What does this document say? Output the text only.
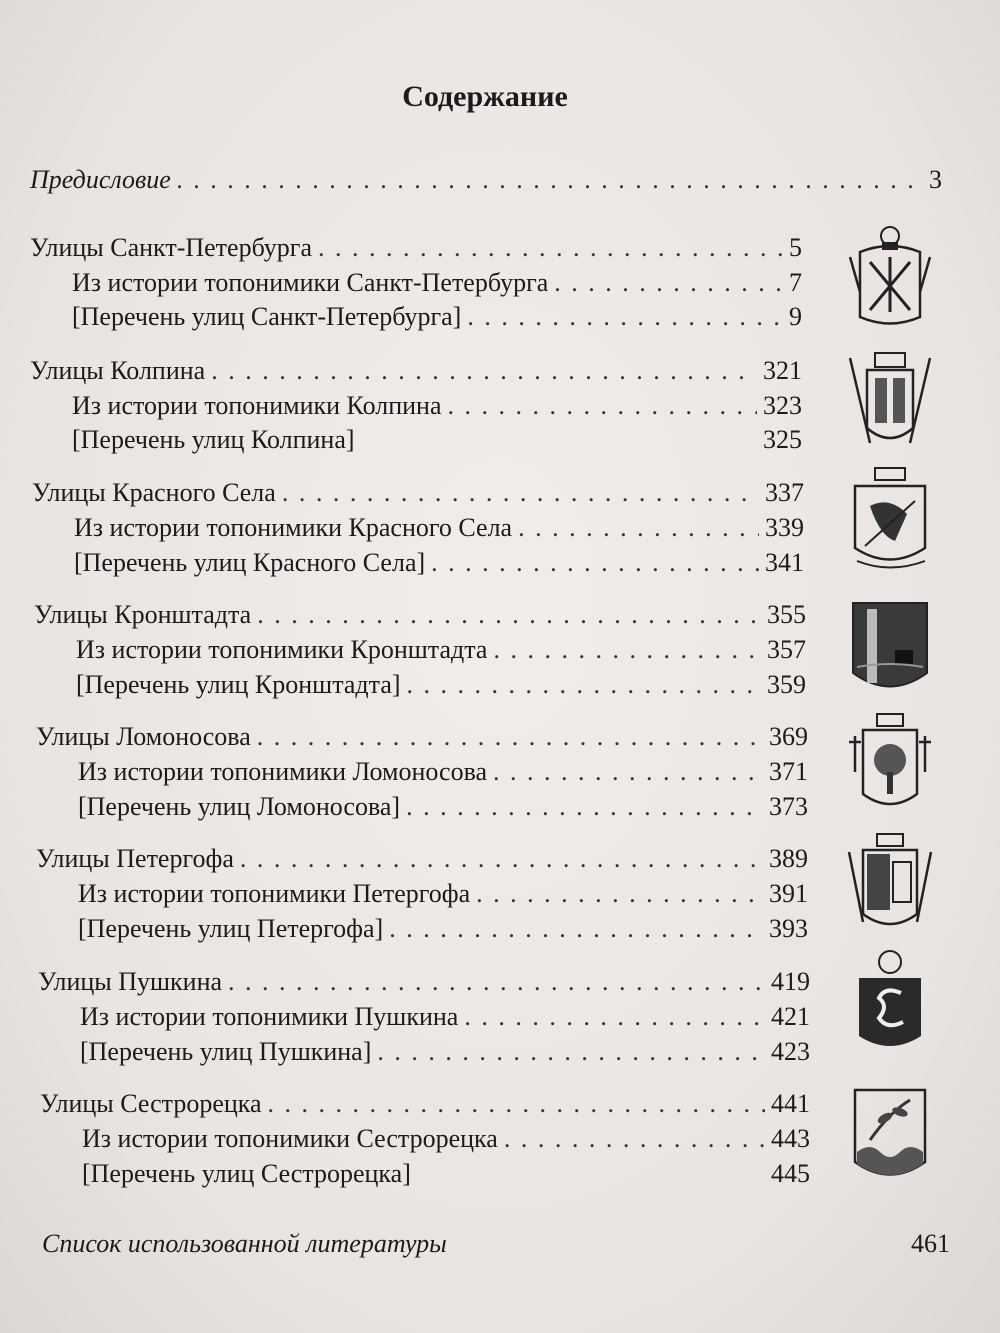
Содержание
Предисловие . . .	3
Улицы Санкт-Петербурга . . .	5
Из истории топонимики Санкт-Петербурга . . .	7
[Перечень улиц Санкт-Петербурга] . . .	9
Улицы Колпина . . .	321
Из истории топонимики Колпина . . .	323
[Перечень улиц Колпина]	325
Улицы Красного Села . . .	337
Из истории топонимики Красного Села . . .	339
[Перечень улиц Красного Села] . . .	341
Улицы Кронштадта . . .	355
Из истории топонимики Кронштадта . . .	357
[Перечень улиц Кронштадта] . . .	359
Улицы Ломоносова . . .	369
Из истории топонимики Ломоносова . . .	371
[Перечень улиц Ломоносова] . . .	373
Улицы Петергофа . . .	389
Из истории топонимики Петергофа . . .	391
[Перечень улиц Петергофа] . . .	393
Улицы Пушкина . . .	419
Из истории топонимики Пушкина . . .	421
[Перечень улиц Пушкина] . . .	423
Улицы Сестрорецка . . .	441
Из истории топонимики Сестрорецка . . .	443
[Перечень улиц Сестрорецка]	445
Список использованной литературы	461
